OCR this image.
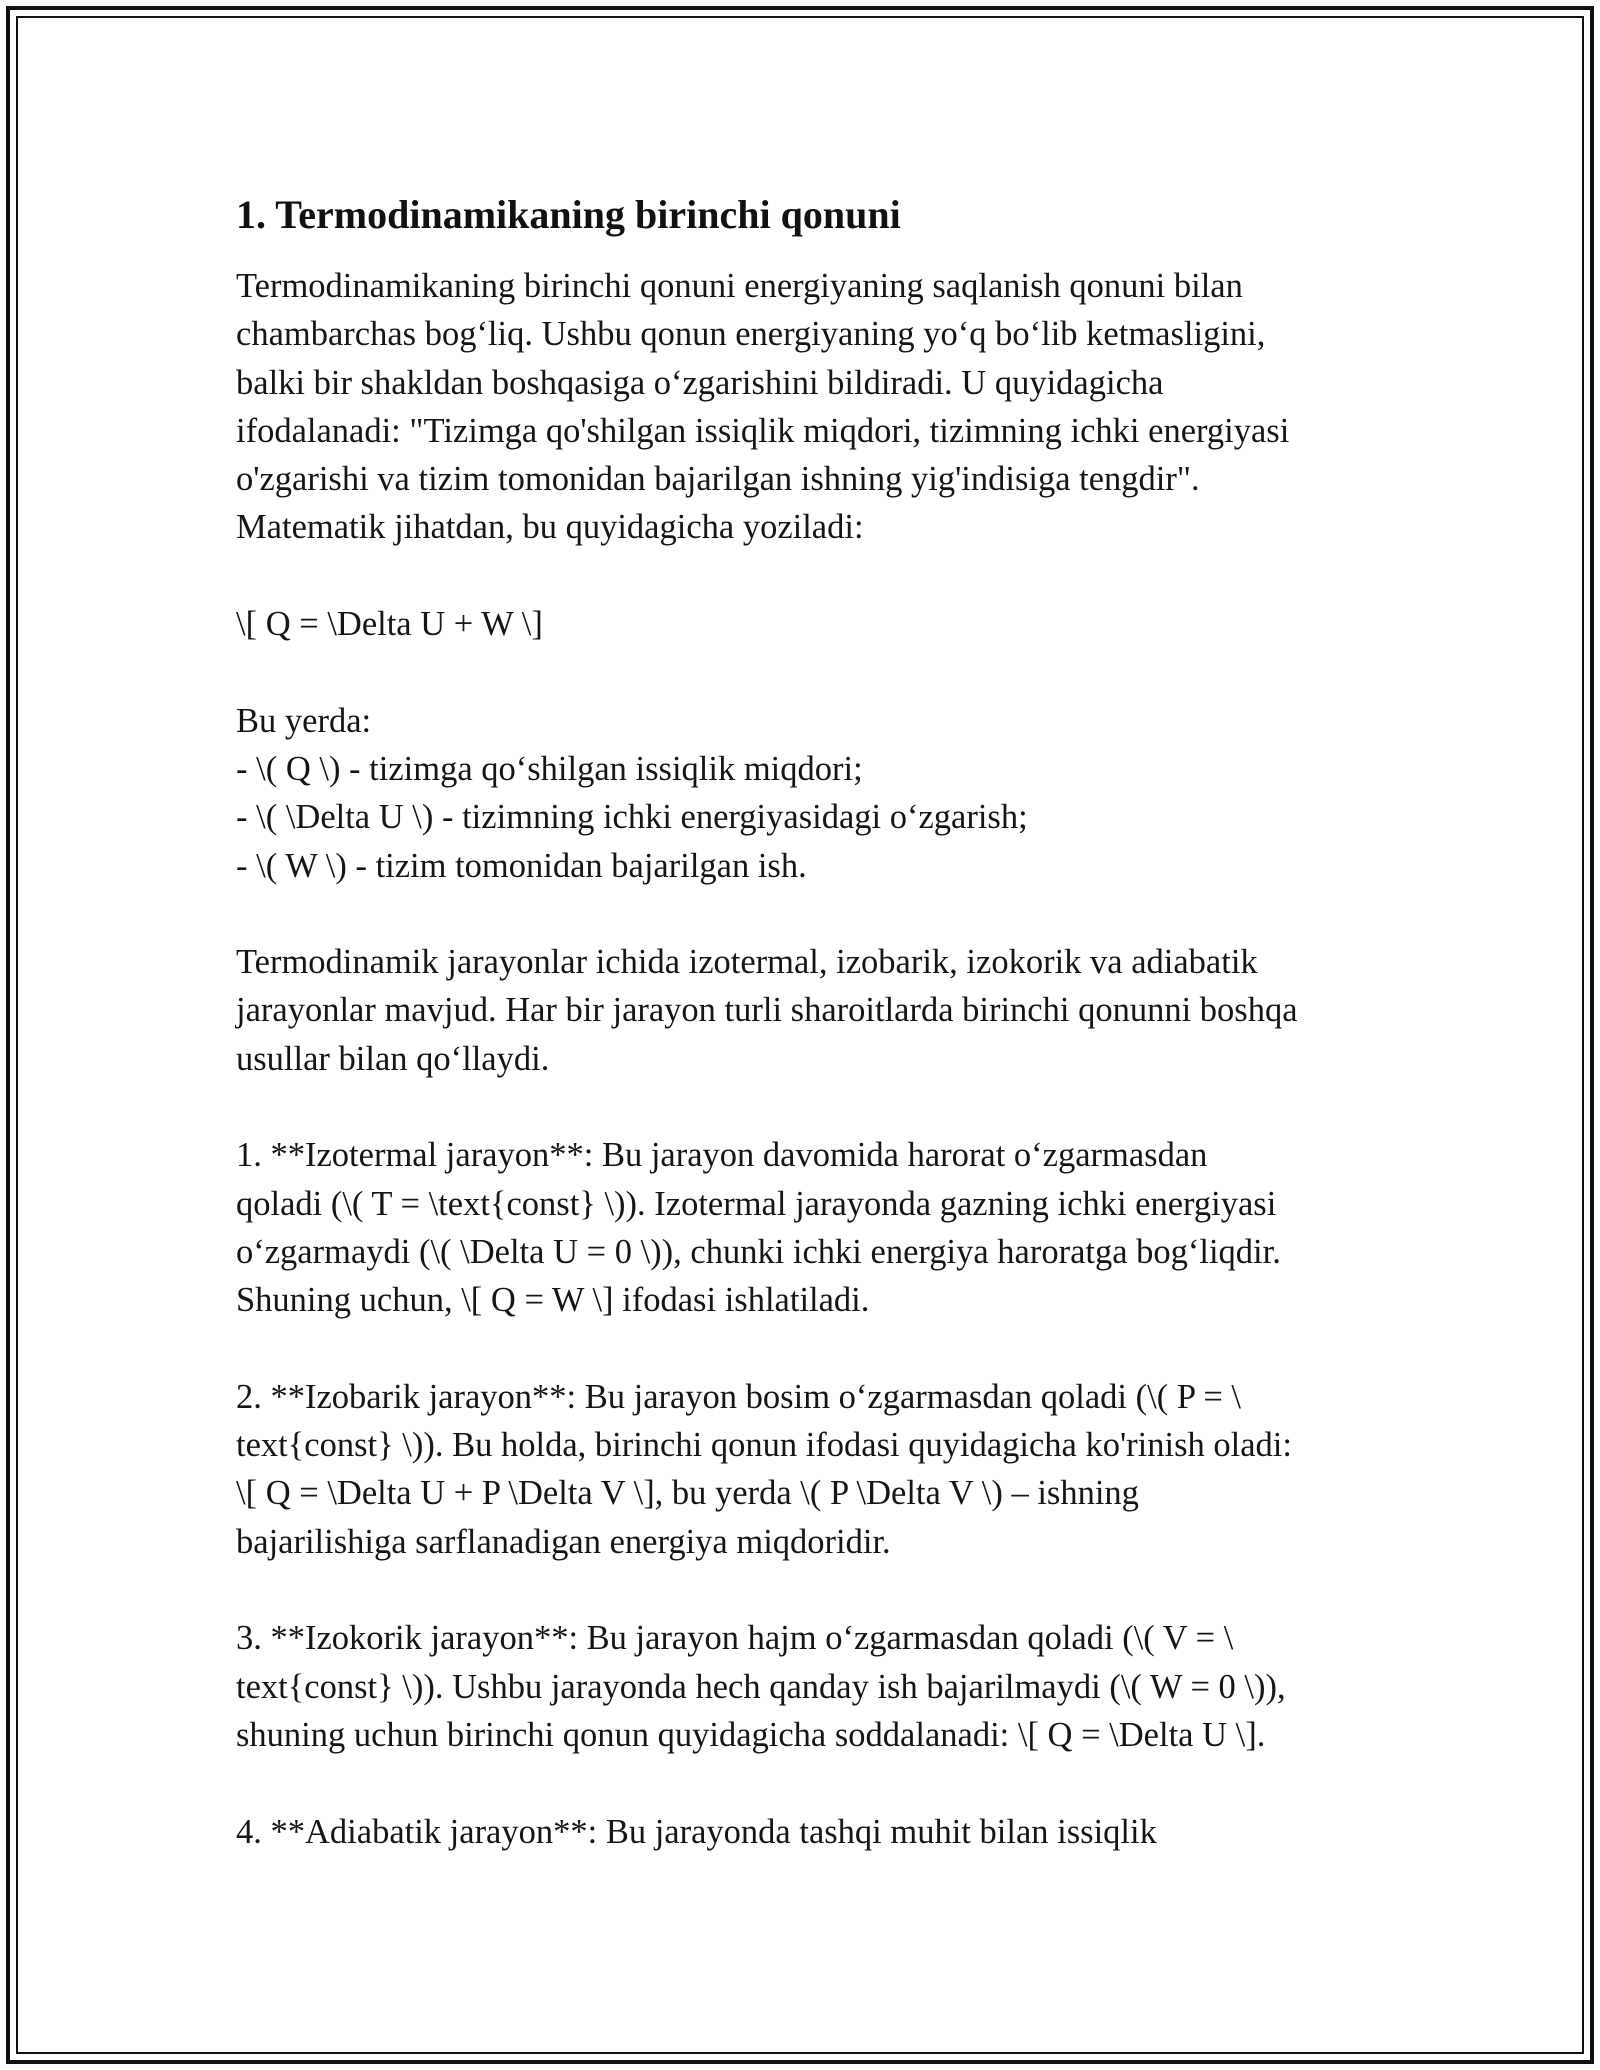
1. Termodinamikaning birinchi qonuni
Termodinamikaning birinchi qonuni energiyaning saqlanish qonuni bilan
chambarchas bog‘liq. Ushbu qonun energiyaning yo‘q bo‘lib ketmasligini,
balki bir shakldan boshqasiga o‘zgarishini bildiradi. U quyidagicha
ifodalanadi: "Tizimga qo'shilgan issiqlik miqdori, tizimning ichki energiyasi
o'zgarishi va tizim tomonidan bajarilgan ishning yig'indisiga tengdir".
Matematik jihatdan, bu quyidagicha yoziladi:
\[ Q = \Delta U + W \]
Bu yerda:
- \( Q \) - tizimga qo‘shilgan issiqlik miqdori;
- \( \Delta U \) - tizimning ichki energiyasidagi o‘zgarish;
- \( W \) - tizim tomonidan bajarilgan ish.
Termodinamik jarayonlar ichida izotermal, izobarik, izokorik va adiabatik
jarayonlar mavjud. Har bir jarayon turli sharoitlarda birinchi qonunni boshqa
usullar bilan qo‘llaydi.
1. **Izotermal jarayon**: Bu jarayon davomida harorat o‘zgarmasdan
qoladi (\( T = \text{const} \)). Izotermal jarayonda gazning ichki energiyasi
o‘zgarmaydi (\( \Delta U = 0 \)), chunki ichki energiya haroratga bog‘liqdir.
Shuning uchun, \[ Q = W \] ifodasi ishlatiladi.
2. **Izobarik jarayon**: Bu jarayon bosim o‘zgarmasdan qoladi (\( P = \
text{const} \)). Bu holda, birinchi qonun ifodasi quyidagicha ko'rinish oladi:
\[ Q = \Delta U + P \Delta V \], bu yerda \( P \Delta V \) – ishning
bajarilishiga sarflanadigan energiya miqdoridir.
3. **Izokorik jarayon**: Bu jarayon hajm o‘zgarmasdan qoladi (\( V = \
text{const} \)). Ushbu jarayonda hech qanday ish bajarilmaydi (\( W = 0 \)),
shuning uchun birinchi qonun quyidagicha soddalanadi: \[ Q = \Delta U \].
4. **Adiabatik jarayon**: Bu jarayonda tashqi muhit bilan issiqlik
